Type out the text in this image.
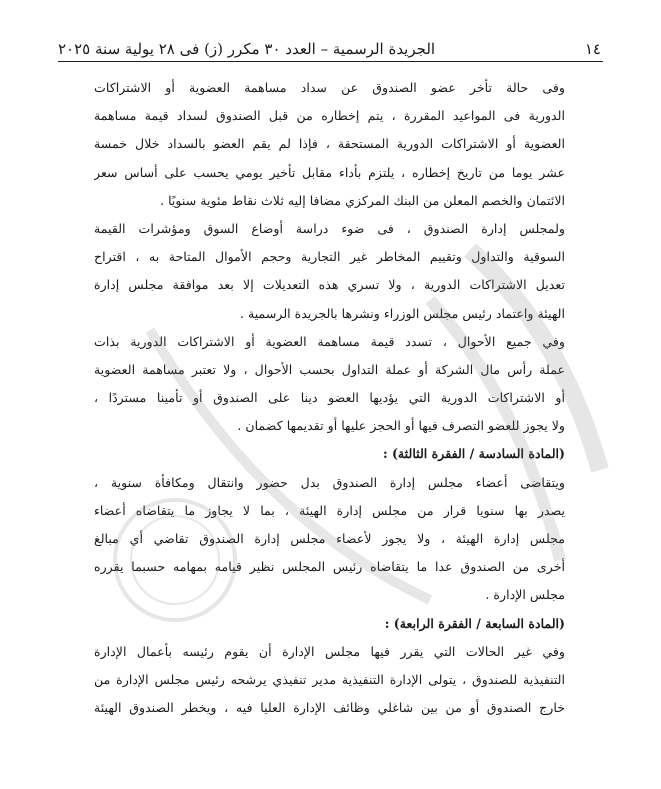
١٤
الجريدة الرسمية – العدد ٣٠ مكرر (ز) فى ٢٨ يولية سنة ٢٠٢٥
وفى حالة تأخر عضو الصندوق عن سداد مساهمة العضوية أو الاشتراكات
الدورية فى المواعيد المقررة ، يتم إخطاره من قبل الصندوق لسداد قيمة مساهمة
العضوية أو الاشتراكات الدورية المستحقة ، فإذا لم يقم العضو بالسداد خلال خمسة
عشر يوما من تاريخ إخطاره ، يلتزم بأداء مقابل تأخير يومي يحسب على أساس سعر
الائتمان والخصم المعلن من البنك المركزي مضافا إليه ثلاث نقاط مئوية سنويًا .
ولمجلس إدارة الصندوق ، فى ضوء دراسة أوضاع السوق ومؤشرات القيمة
السوقية والتداول وتقييم المخاطر غير التجارية وحجم الأموال المتاحة به ، اقتراح
تعديل الاشتراكات الدورية ، ولا تسري هذه التعديلات إلا بعد موافقة مجلس إدارة
الهيئة واعتماد رئيس مجلس الوزراء ونشرها بالجريدة الرسمية .
وفي جميع الأحوال ، تسدد قيمة مساهمة العضوية أو الاشتراكات الدورية بذات
عملة رأس مال الشركة أو عملة التداول بحسب الأحوال ، ولا تعتبر مساهمة العضوية
أو الاشتراكات الدورية التي يؤديها العضو دينا على الصندوق أو تأمينا مستردًا ،
ولا يجوز للعضو التصرف فيها أو الحجز عليها أو تقديمها كضمان .
(المادة السادسة / الفقرة الثالثة) :
ويتقاضى أعضاء مجلس إدارة الصندوق بدل حضور وانتقال ومكافأة سنوية ،
يصدر بها سنويا قرار من مجلس إدارة الهيئة ، بما لا يجاوز ما يتقاضاه أعضاء
مجلس إدارة الهيئة ، ولا يجوز لأعضاء مجلس إدارة الصندوق تقاضي أي مبالغ
أخرى من الصندوق عدا ما يتقاضاه رئيس المجلس نظير قيامه بمهامه حسبما يقرره
مجلس الإدارة .
(المادة السابعة / الفقرة الرابعة) :
وفي غير الحالات التي يقرر فيها مجلس الإدارة أن يقوم رئيسه بأعمال الإدارة
التنفيذية للصندوق ، يتولى الإدارة التنفيذية مدير تنفيذي يرشحه رئيس مجلس الإدارة من
خارج الصندوق أو من بين شاغلي وظائف الإدارة العليا فيه ، ويخطر الصندوق الهيئة
